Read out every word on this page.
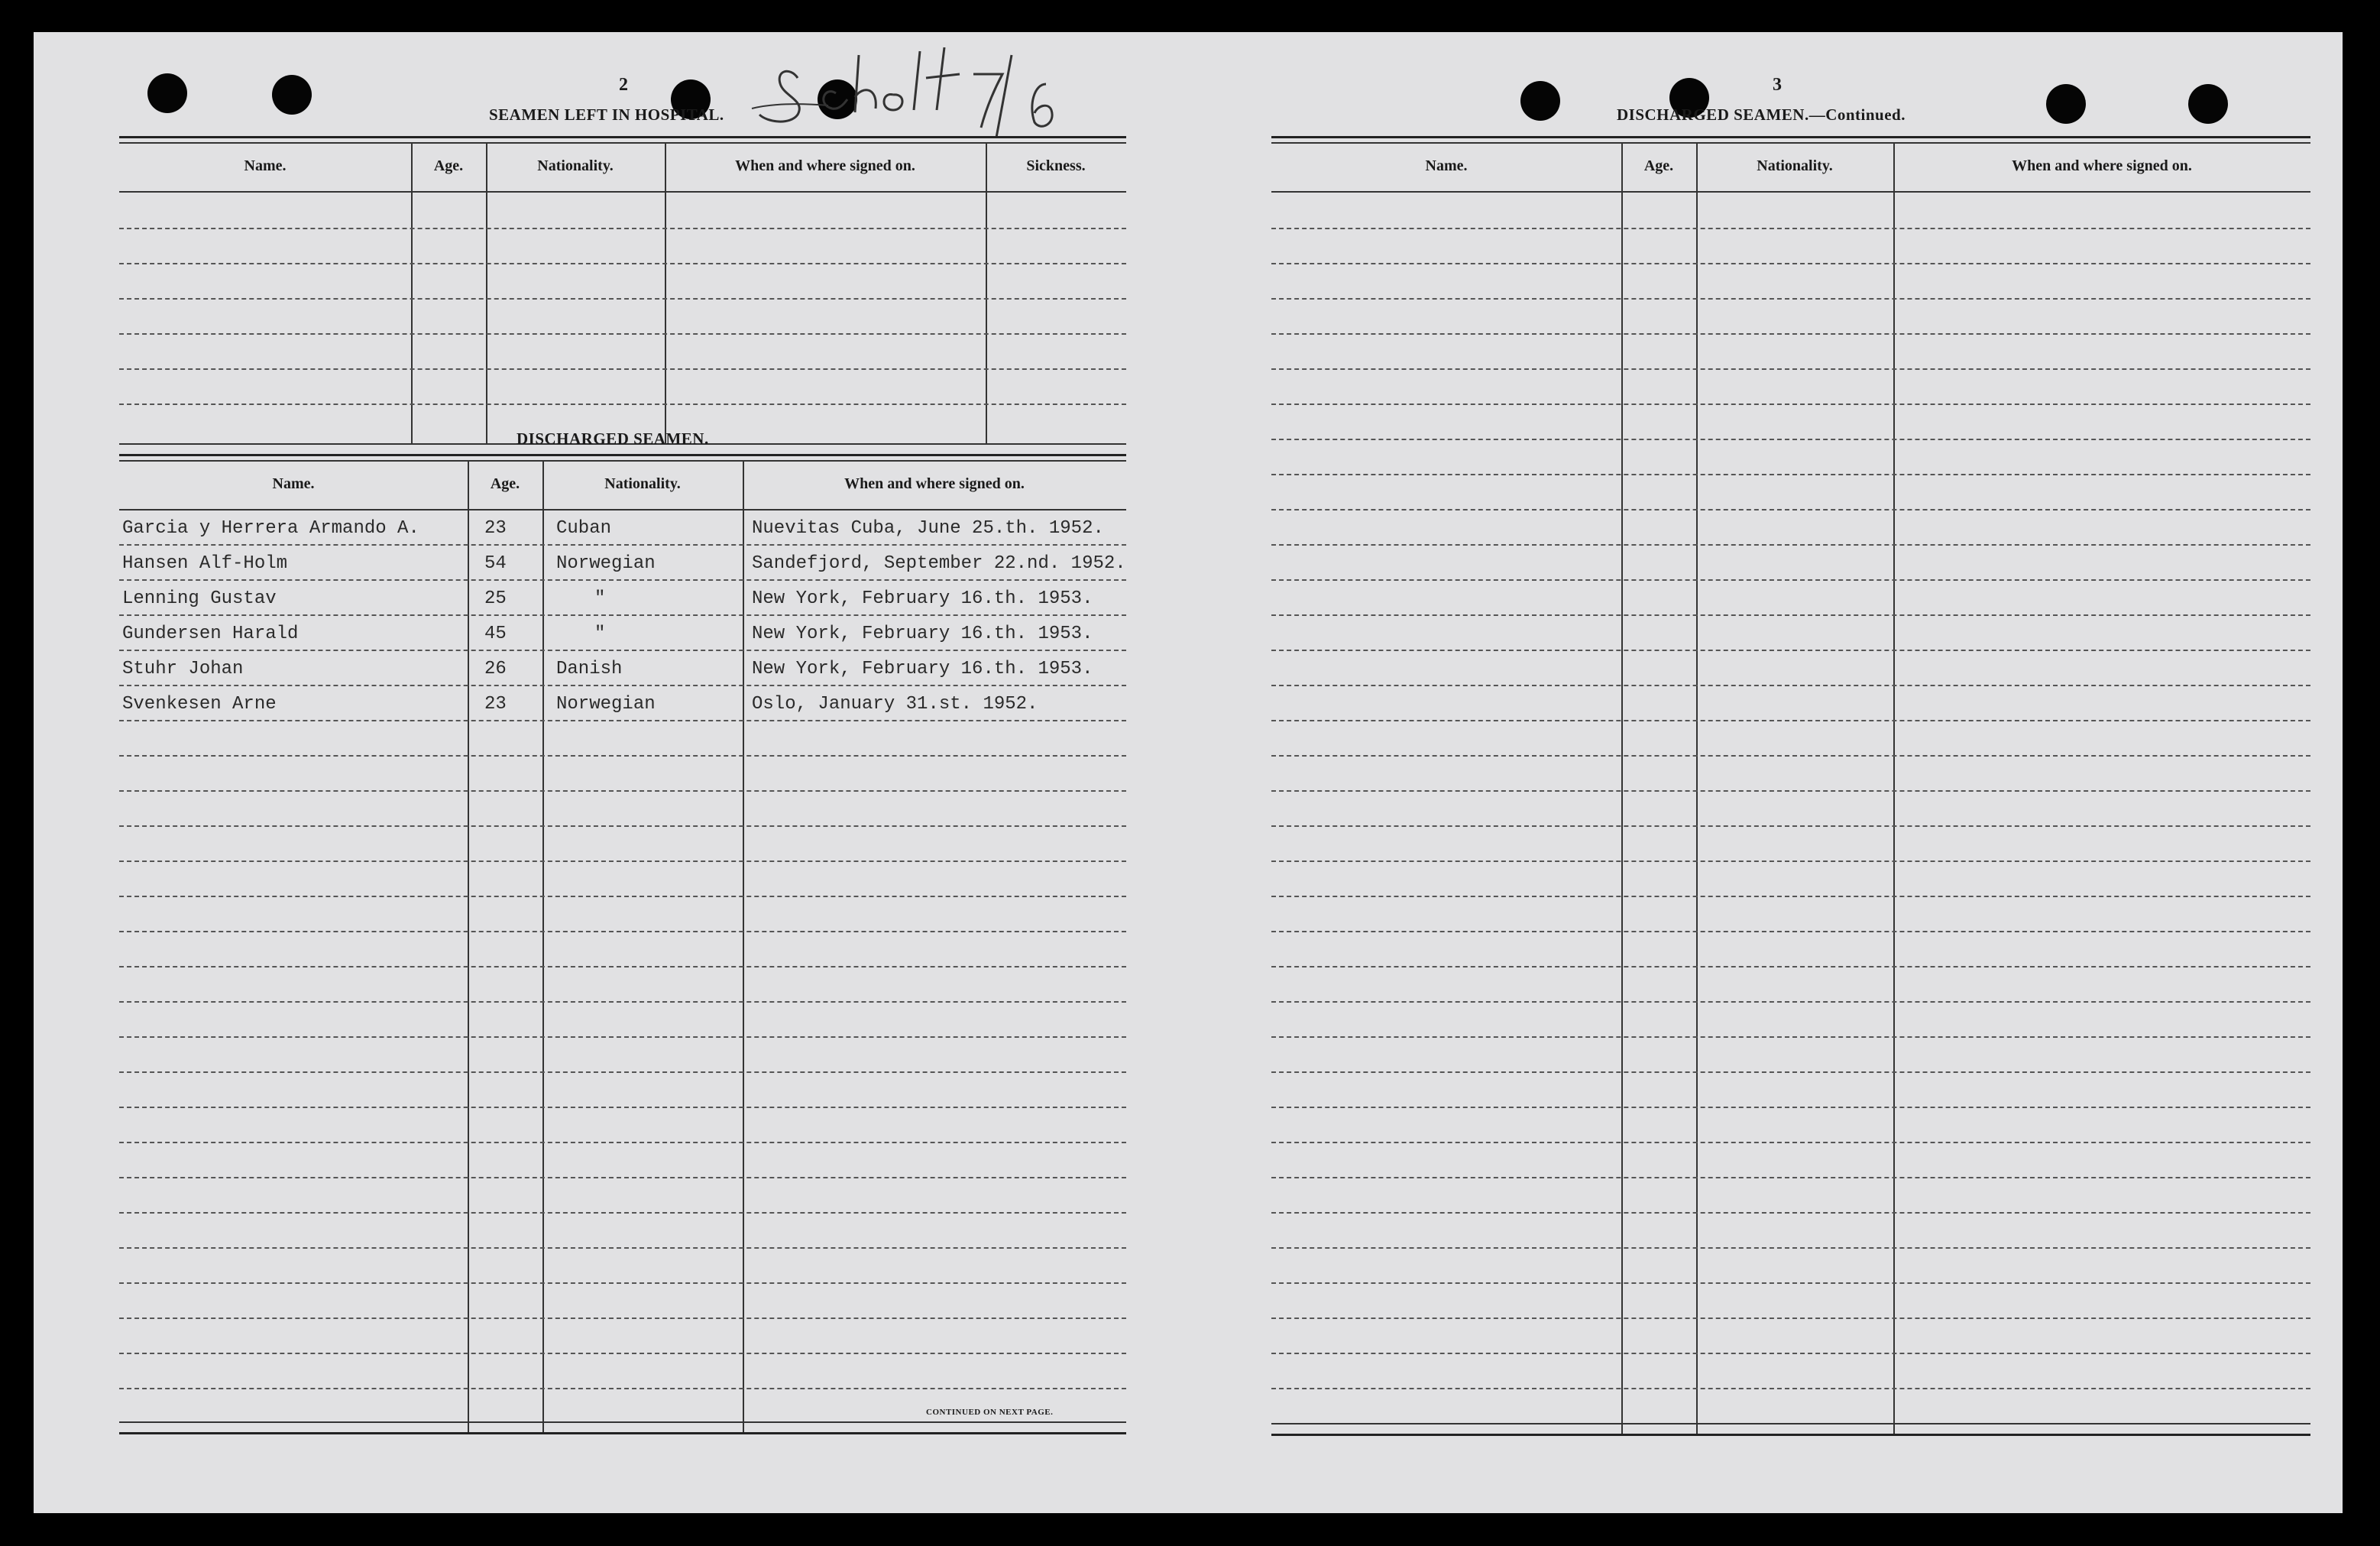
2
SEAMEN LEFT IN HOSPITAL.
Name.	Age.	Nationality.	When and where signed on.	Sickness.
DISCHARGED SEAMEN.
Name.	Age.	Nationality.	When and where signed on.
Garcia y Herrera Armando A.	23	Cuban	Nuevitas Cuba, June 25.th. 1952.
Hansen Alf-Holm	54	Norwegian	Sandefjord, September 22.nd. 1952.
Lenning Gustav	25	"	New York, February 16.th. 1953.
Gundersen Harald	45	"	New York, February 16.th. 1953.
Stuhr Johan	26	Danish	New York, February 16.th. 1953.
Svenkesen Arne	23	Norwegian	Oslo, January 31.st. 1952.
CONTINUED ON NEXT PAGE.
3
DISCHARGED SEAMEN.—Continued.
Name.	Age.	Nationality.	When and where signed on.
